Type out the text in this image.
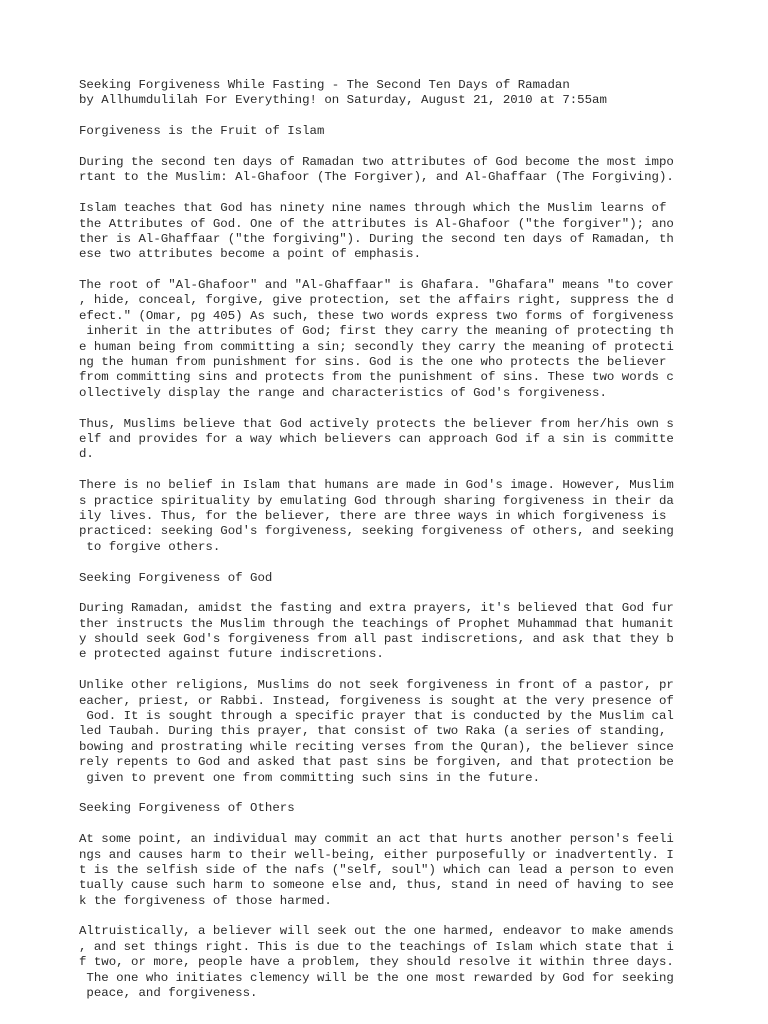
Seeking Forgiveness While Fasting - The Second Ten Days of Ramadan
by Allhumdulilah For Everything! on Saturday, August 21, 2010 at 7:55am
Forgiveness is the Fruit of Islam
During the second ten days of Ramadan two attributes of God become the most impo
rtant to the Muslim: Al-Ghafoor (The Forgiver), and Al-Ghaffaar (The Forgiving).
Islam teaches that God has ninety nine names through which the Muslim learns of
the Attributes of God. One of the attributes is Al-Ghafoor ("the forgiver"); ano
ther is Al-Ghaffaar ("the forgiving"). During the second ten days of Ramadan, th
ese two attributes become a point of emphasis.
The root of "Al-Ghafoor" and "Al-Ghaffaar" is Ghafara. "Ghafara" means "to cover
, hide, conceal, forgive, give protection, set the affairs right, suppress the d
efect." (Omar, pg 405) As such, these two words express two forms of forgiveness
inherit in the attributes of God; first they carry the meaning of protecting th
e human being from committing a sin; secondly they carry the meaning of protecti
ng the human from punishment for sins. God is the one who protects the believer
from committing sins and protects from the punishment of sins. These two words c
ollectively display the range and characteristics of God's forgiveness.
Thus, Muslims believe that God actively protects the believer from her/his own s
elf and provides for a way which believers can approach God if a sin is committe
d.
There is no belief in Islam that humans are made in God's image. However, Muslim
s practice spirituality by emulating God through sharing forgiveness in their da
ily lives. Thus, for the believer, there are three ways in which forgiveness is
practiced: seeking God's forgiveness, seeking forgiveness of others, and seeking
to forgive others.
Seeking Forgiveness of God
During Ramadan, amidst the fasting and extra prayers, it's believed that God fur
ther instructs the Muslim through the teachings of Prophet Muhammad that humanit
y should seek God's forgiveness from all past indiscretions, and ask that they b
e protected against future indiscretions.
Unlike other religions, Muslims do not seek forgiveness in front of a pastor, pr
eacher, priest, or Rabbi. Instead, forgiveness is sought at the very presence of
God. It is sought through a specific prayer that is conducted by the Muslim cal
led Taubah. During this prayer, that consist of two Raka (a series of standing,
bowing and prostrating while reciting verses from the Quran), the believer since
rely repents to God and asked that past sins be forgiven, and that protection be
given to prevent one from committing such sins in the future.
Seeking Forgiveness of Others
At some point, an individual may commit an act that hurts another person's feeli
ngs and causes harm to their well-being, either purposefully or inadvertently. I
t is the selfish side of the nafs ("self, soul") which can lead a person to even
tually cause such harm to someone else and, thus, stand in need of having to see
k the forgiveness of those harmed.
Altruistically, a believer will seek out the one harmed, endeavor to make amends
, and set things right. This is due to the teachings of Islam which state that i
f two, or more, people have a problem, they should resolve it within three days.
The one who initiates clemency will be the one most rewarded by God for seeking
peace, and forgiveness.
